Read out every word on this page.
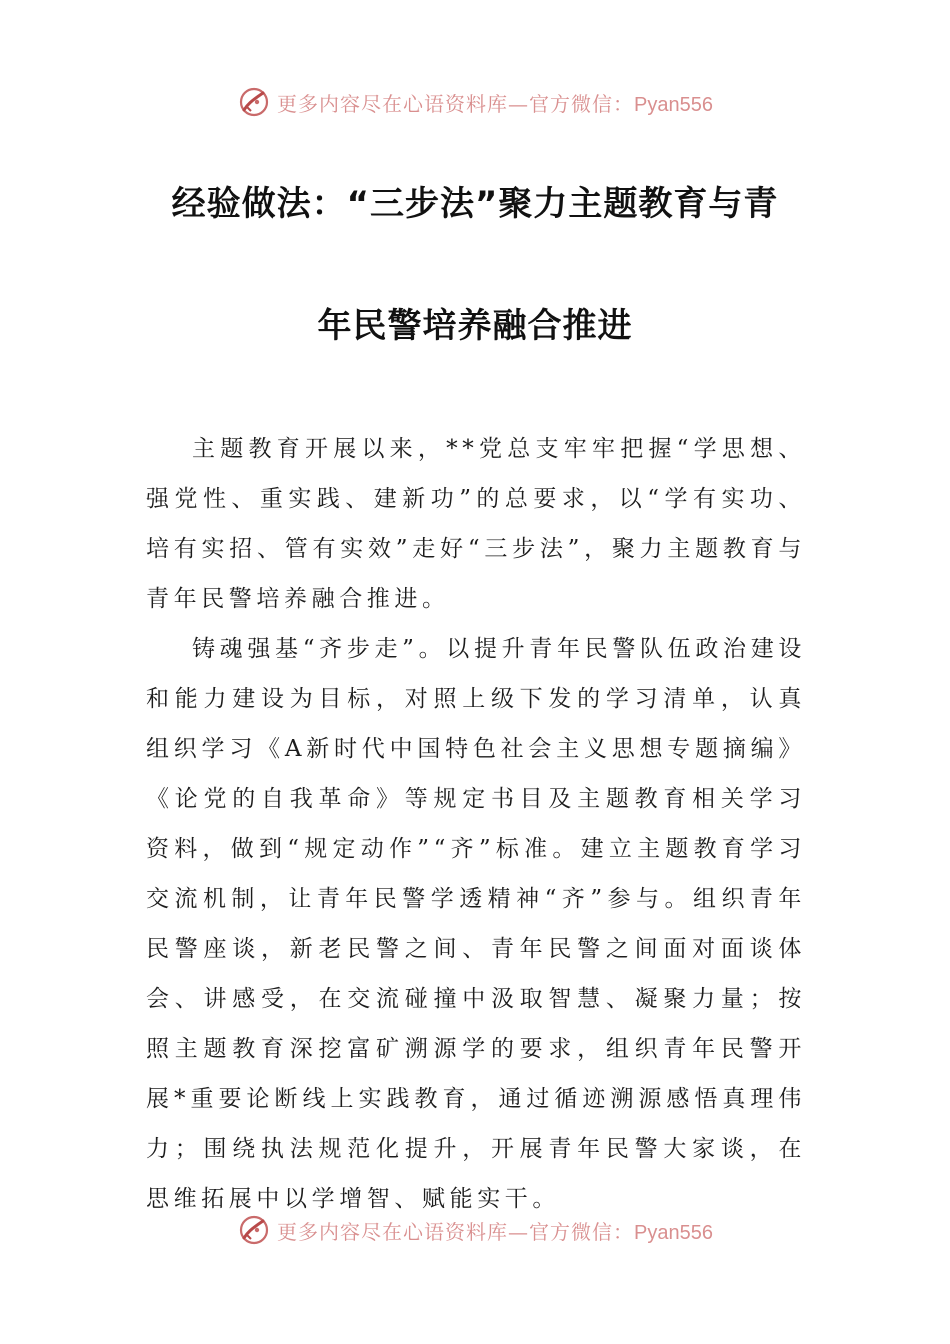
更多内容尽在心语资料库—官方微信：Pyan556
经验做法：“三步法”聚力主题教育与青
年民警培养融合推进

主题教育开展以来，**党总支牢牢把握“学思想、强党性、重实践、建新功”的总要求，以“学有实功、培有实招、管有实效”走好“三步法”，聚力主题教育与青年民警培养融合推进。

铸魂强基“齐步走”。以提升青年民警队伍政治建设和能力建设为目标，对照上级下发的学习清单，认真组织学习《A新时代中国特色社会主义思想专题摘编》《论党的自我革命》等规定书目及主题教育相关学习资料，做到“规定动作”“齐”标准。建立主题教育学习交流机制，让青年民警学透精神“齐”参与。组织青年民警座谈，新老民警之间、青年民警之间面对面谈体会、讲感受，在交流碰撞中汲取智慧、凝聚力量；按照主题教育深挖富矿溯源学的要求，组织青年民警开展*重要论断线上实践教育，通过循迹溯源感悟真理伟力；围绕执法规范化提升，开展青年民警大家谈，在思维拓展中以学增智、赋能实干。

更多内容尽在心语资料库—官方微信：Pyan556
